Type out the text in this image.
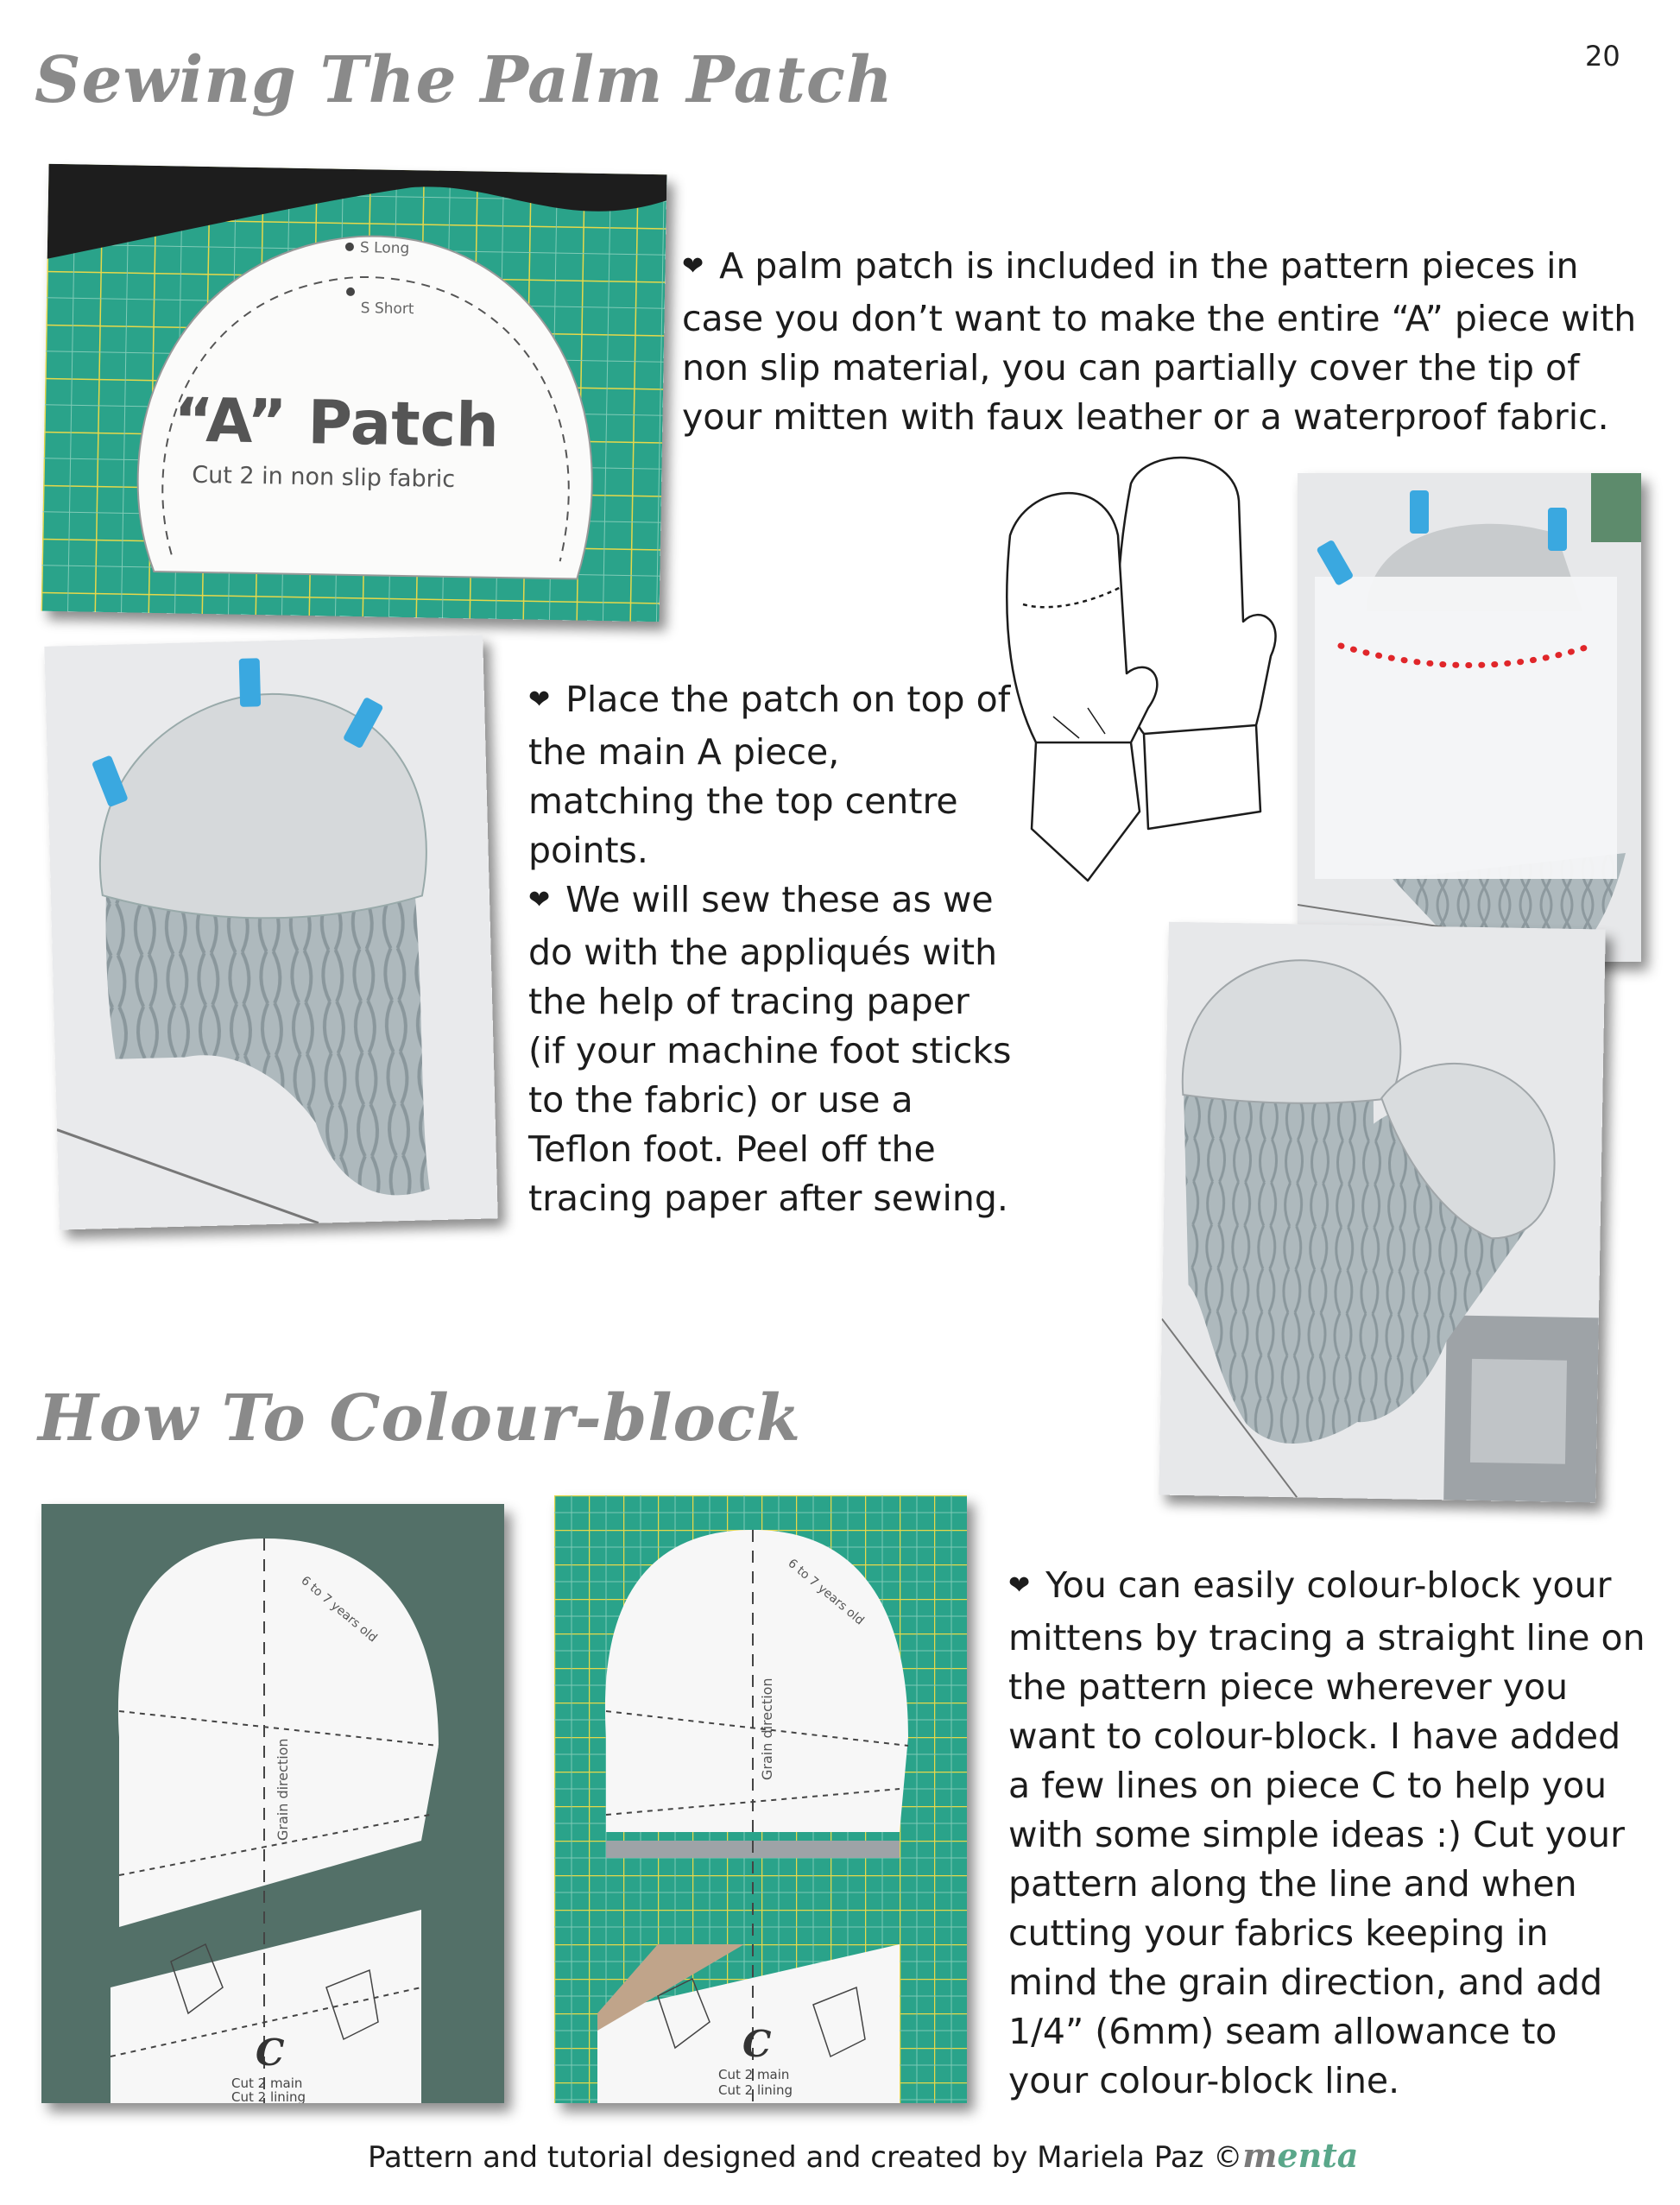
20
Sewing The Palm Patch
S Long
S Short
“A” Patch
Cut 2 in non slip fabric
❤ A palm patch is included in the pattern pieces in case you don’t want to make the entire “A” piece with non slip material, you can partially cover the tip of your mitten with faux leather or a waterproof fabric.
❤ Place the patch on top of the main A piece, matching the top centre points.
❤ We will sew these as we do with the appliqués with the help of tracing paper (if your machine foot sticks to the fabric) or use a Teflon foot. Peel off the tracing paper after sewing.
How To Colour-block
6 to 7 years old
Grain direction
C
Cut 2 main
Cut 2 lining
6 to 7 years old
Grain direction
C
Cut 2 main
Cut 2 lining
❤ You can easily colour-block your mittens by tracing a straight line on the pattern piece wherever you want to colour-block. I have added a few lines on piece C to help you with some simple ideas :) Cut your pattern along the line and when cutting your fabrics keeping in mind the grain direction, and add 1/4” (6mm) seam allowance to your colour-block line.
Pattern and tutorial designed and created by Mariela Paz ©menta
